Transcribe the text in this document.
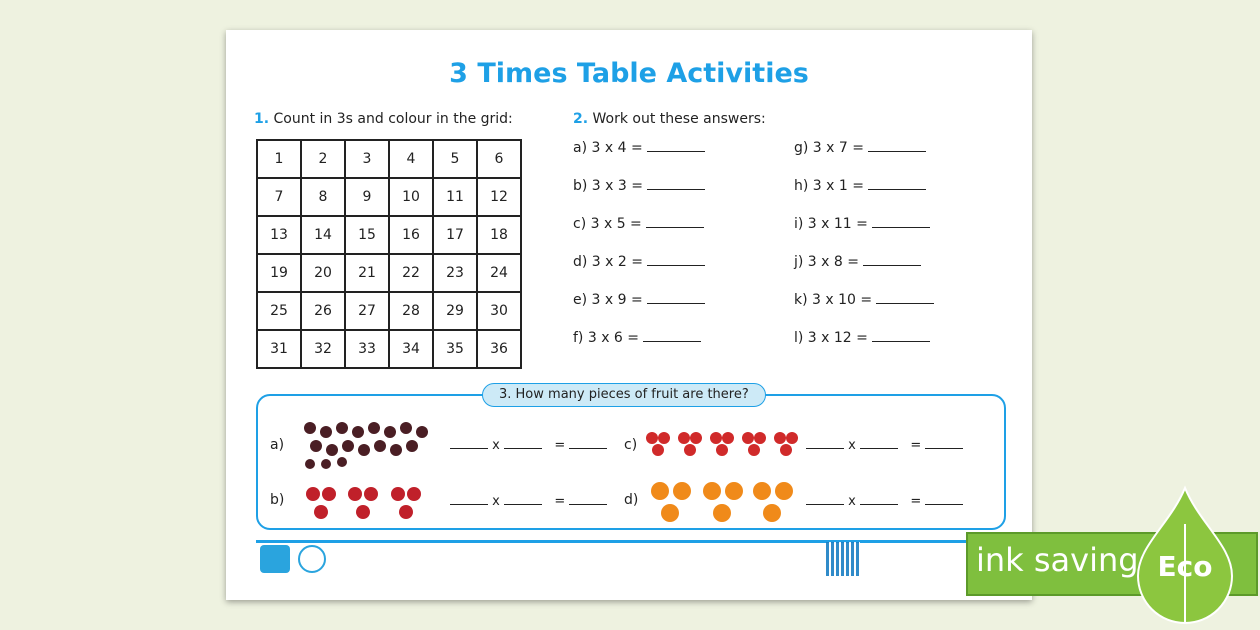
3 Times Table Activities
1. Count in 3s and colour in the grid:
1	2	3	4	5	6
7	8	9	10	11	12
13	14	15	16	17	18
19	20	21	22	23	24
25	26	27	28	29	30
31	32	33	34	35	36
2. Work out these answers:
a) 3 x 4 =
b) 3 x 3 =
c) 3 x 5 =
d) 3 x 2 =
e) 3 x 9 =
f) 3 x 6 =
g) 3 x 7 =
h) 3 x 1 =
i) 3 x 11 =
j) 3 x 8 =
k) 3 x 10 =
l) 3 x 12 =
3. How many pieces of fruit are there?
a)
b)
c)
d)
x	=
x	=
x	=
x	=
ink saving Eco
